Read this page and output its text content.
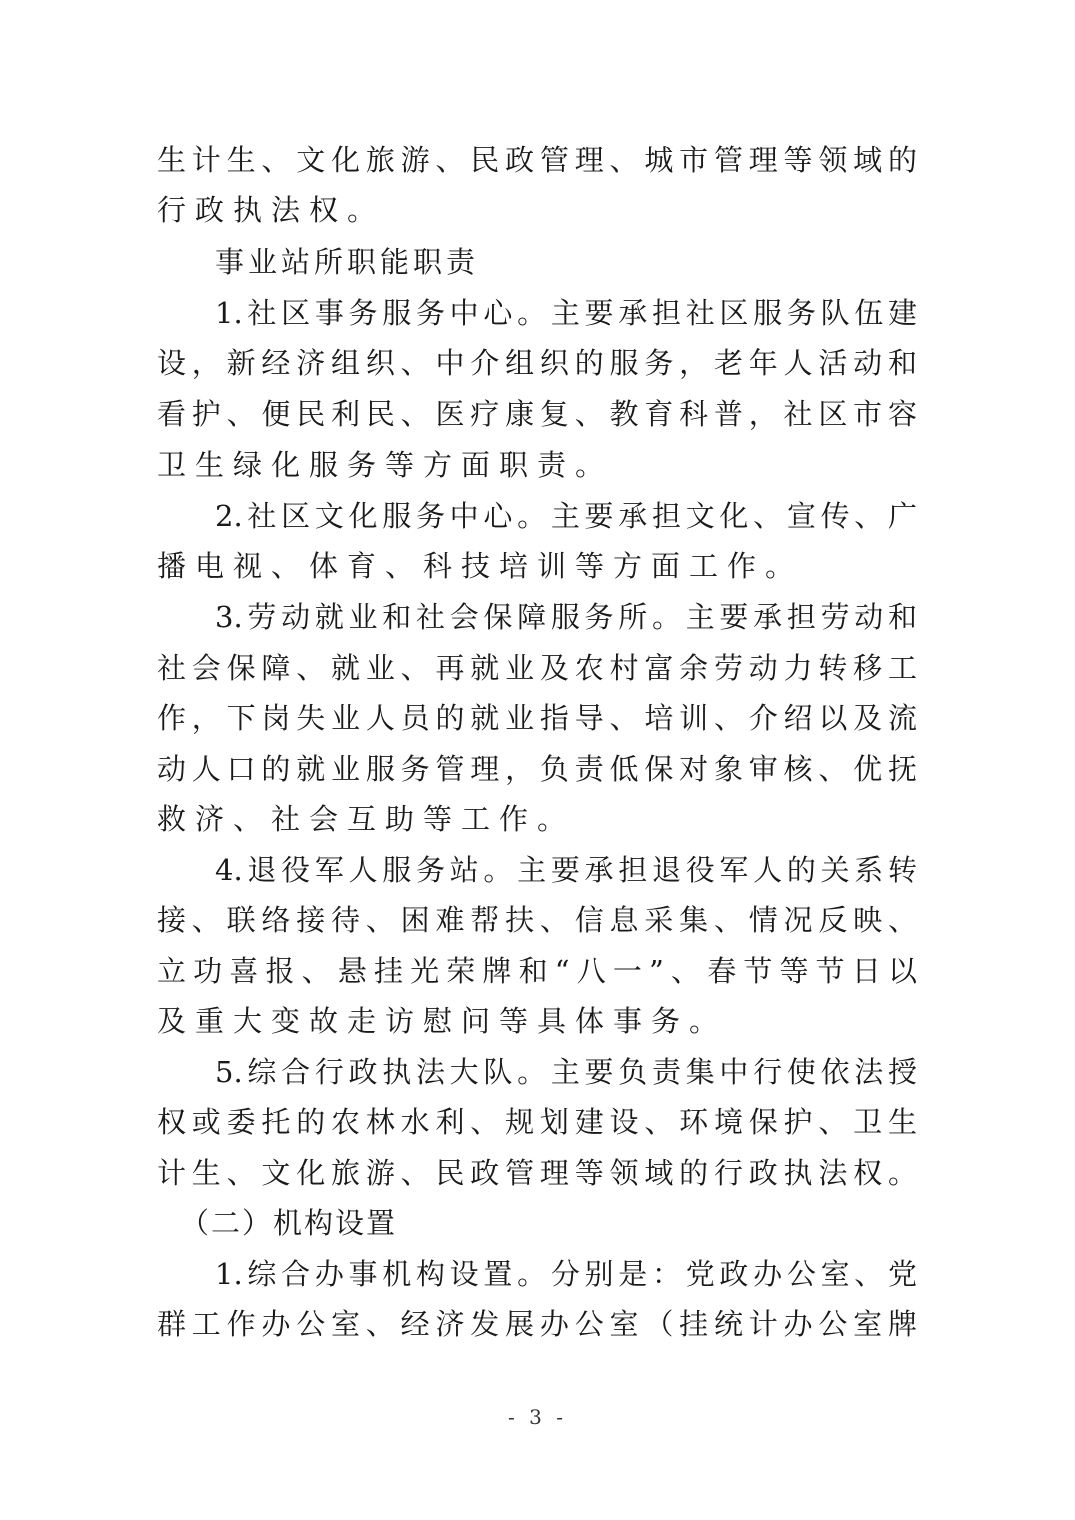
生计生、文化旅游、民政管理、城市管理等领域的
行政执法权。
事业站所职能职责
1.社区事务服务中心。主要承担社区服务队伍建
设，新经济组织、中介组织的服务，老年人活动和
看护、便民利民、医疗康复、教育科普，社区市容
卫生绿化服务等方面职责。
2.社区文化服务中心。主要承担文化、宣传、广
播电视、体育、科技培训等方面工作。
3.劳动就业和社会保障服务所。主要承担劳动和
社会保障、就业、再就业及农村富余劳动力转移工
作，下岗失业人员的就业指导、培训、介绍以及流
动人口的就业服务管理，负责低保对象审核、优抚
救济、社会互助等工作。
4.退役军人服务站。主要承担退役军人的关系转
接、联络接待、困难帮扶、信息采集、情况反映、
立功喜报、悬挂光荣牌和“八一”、春节等节日以
及重大变故走访慰问等具体事务。
5.综合行政执法大队。主要负责集中行使依法授
权或委托的农林水利、规划建设、环境保护、卫生
计生、文化旅游、民政管理等领域的行政执法权。
（二）机构设置
1.综合办事机构设置。分别是：党政办公室、党
群工作办公室、经济发展办公室（挂统计办公室牌
- 3 -
